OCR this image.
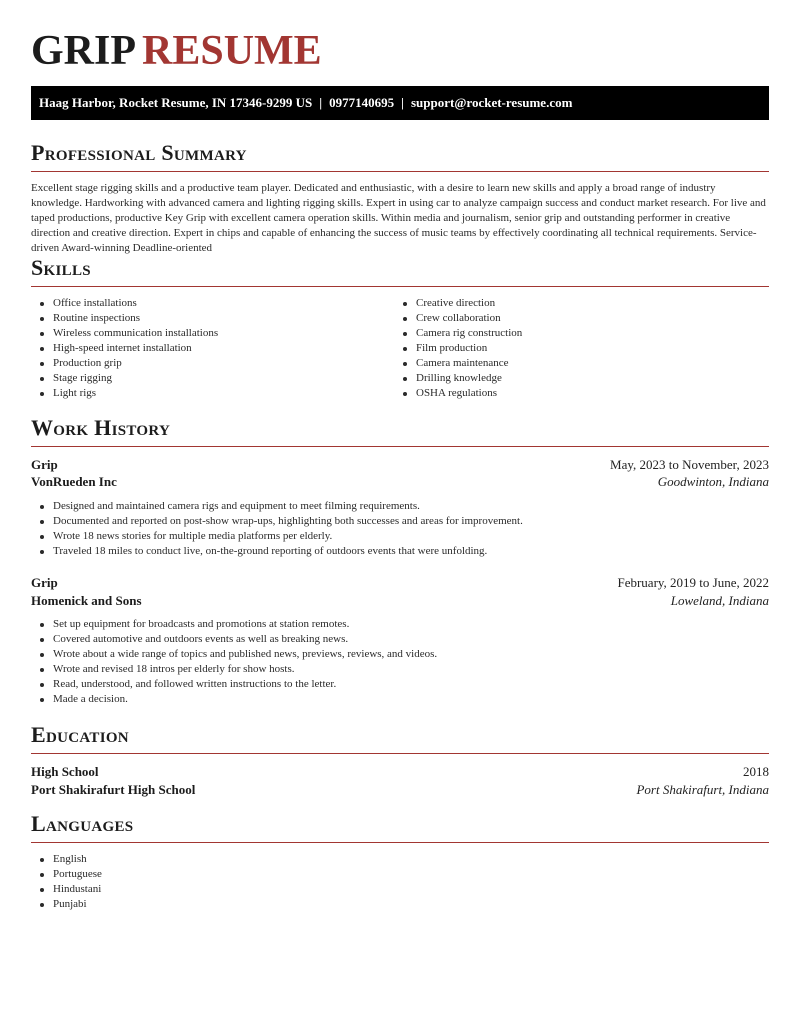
GRIP RESUME
Haag Harbor, Rocket Resume, IN 17346-9299 US | 0977140695 | support@rocket-resume.com
Professional Summary
Excellent stage rigging skills and a productive team player. Dedicated and enthusiastic, with a desire to learn new skills and apply a broad range of industry knowledge. Hardworking with advanced camera and lighting rigging skills. Expert in using car to analyze campaign success and conduct market research. For live and taped productions, productive Key Grip with excellent camera operation skills. Within media and journalism, senior grip and outstanding performer in creative direction and creative direction. Expert in chips and capable of enhancing the success of music teams by effectively coordinating all technical requirements. Service-driven Award-winning Deadline-oriented
Skills
Office installations
Routine inspections
Wireless communication installations
High-speed internet installation
Production grip
Stage rigging
Light rigs
Creative direction
Crew collaboration
Camera rig construction
Film production
Camera maintenance
Drilling knowledge
OSHA regulations
Work History
Grip	May, 2023 to November, 2023
VonRueden Inc	Goodwinton, Indiana
Designed and maintained camera rigs and equipment to meet filming requirements.
Documented and reported on post-show wrap-ups, highlighting both successes and areas for improvement.
Wrote 18 news stories for multiple media platforms per elderly.
Traveled 18 miles to conduct live, on-the-ground reporting of outdoors events that were unfolding.
Grip	February, 2019 to June, 2022
Homenick and Sons	Loweland, Indiana
Set up equipment for broadcasts and promotions at station remotes.
Covered automotive and outdoors events as well as breaking news.
Wrote about a wide range of topics and published news, previews, reviews, and videos.
Wrote and revised 18 intros per elderly for show hosts.
Read, understood, and followed written instructions to the letter.
Made a decision.
Education
High School	2018
Port Shakirafurt High School	Port Shakirafurt, Indiana
Languages
English
Portuguese
Hindustani
Punjabi
